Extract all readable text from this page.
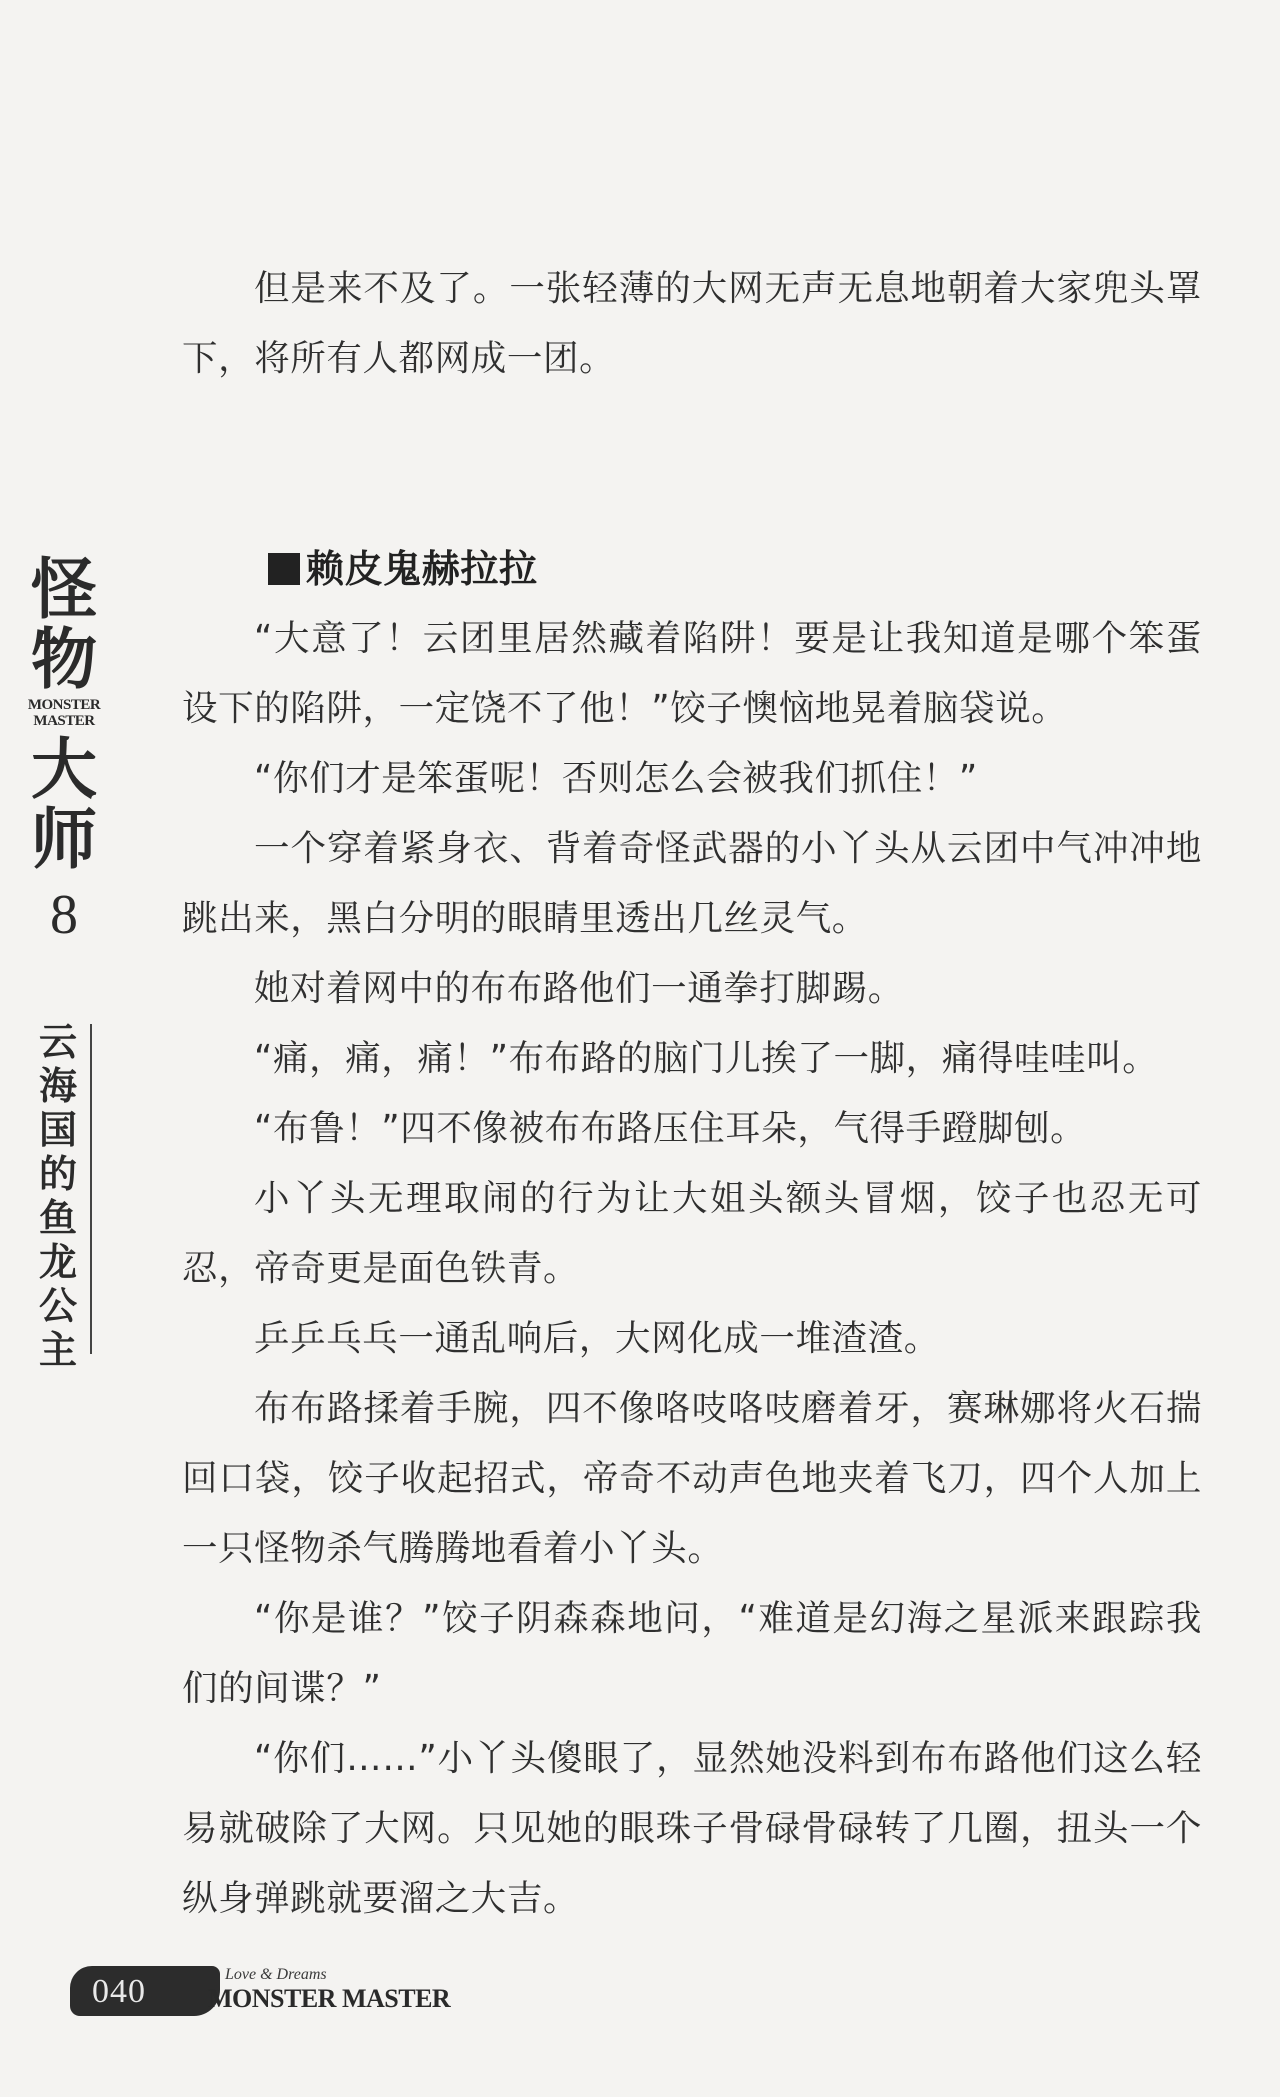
怪
物
MONSTER
MASTER
大
师
8
云
海
国
的
鱼
龙
公
主

但是来不及了。一张轻薄的大网无声无息地朝着大家兜头罩下，将所有人都网成一团。

赖皮鬼赫拉拉

“大意了！云团里居然藏着陷阱！要是让我知道是哪个笨蛋设下的陷阱，一定饶不了他！”饺子懊恼地晃着脑袋说。

“你们才是笨蛋呢！否则怎么会被我们抓住！”

一个穿着紧身衣、背着奇怪武器的小丫头从云团中气冲冲地跳出来，黑白分明的眼睛里透出几丝灵气。

她对着网中的布布路他们一通拳打脚踢。

“痛，痛，痛！”布布路的脑门儿挨了一脚，痛得哇哇叫。

“布鲁！”四不像被布布路压住耳朵，气得手蹬脚刨。

小丫头无理取闹的行为让大姐头额头冒烟，饺子也忍无可忍，帝奇更是面色铁青。

乒乒乓乓一通乱响后，大网化成一堆渣渣。

布布路揉着手腕，四不像咯吱咯吱磨着牙，赛琳娜将火石揣回口袋，饺子收起招式，帝奇不动声色地夹着飞刀，四个人加上一只怪物杀气腾腾地看着小丫头。

“你是谁？”饺子阴森森地问，“难道是幻海之星派来跟踪我们的间谍？”

“你们……”小丫头傻眼了，显然她没料到布布路他们这么轻易就破除了大网。只见她的眼珠子骨碌骨碌转了几圈，扭头一个纵身弹跳就要溜之大吉。

040	Love & Dreams
MONSTER MASTER
